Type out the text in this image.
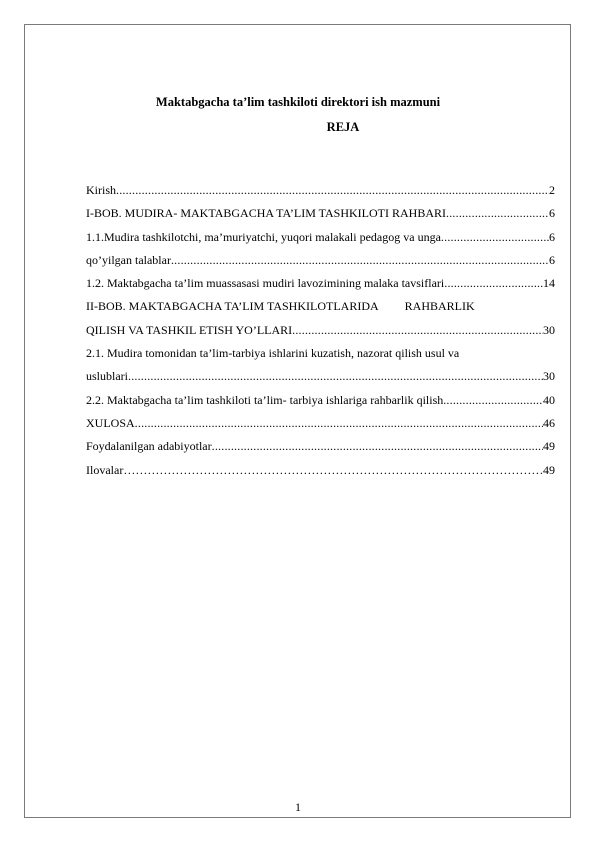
Maktabgacha ta’lim tashkiloti direktori ish mazmuni
REJA
Kirish .....	2
I-BOB. MUDIRA- MAKTABGACHA TA’LIM TASHKILOTI RAHBARI .....	6
1.1.Mudira tashkilotchi, ma’muriyatchi, yuqori malakali pedagog va unga .....	6
qo’yilgan talablar .....	6
1.2. Maktabgacha ta’lim muassasasi mudiri lavozimining malaka tavsiflari .....	14
II-BOB. MAKTABGACHA TA’LIM TASHKILOTLARIDA RAHBARLIK
QILISH VA TASHKIL ETISH YO’LLARI .....	30
2.1. Mudira tomonidan ta’lim-tarbiya ishlarini kuzatish, nazorat qilish usul va
uslublari .....	30
2.2. Maktabgacha ta’lim tashkiloti ta’lim- tarbiya ishlariga rahbarlik qilish .....	40
XULOSA .....	46
Foydalanilgan adabiyotlar .....	49
Ilovalar ………………………………………………………………………………………………………………………………………………………………	49
1
